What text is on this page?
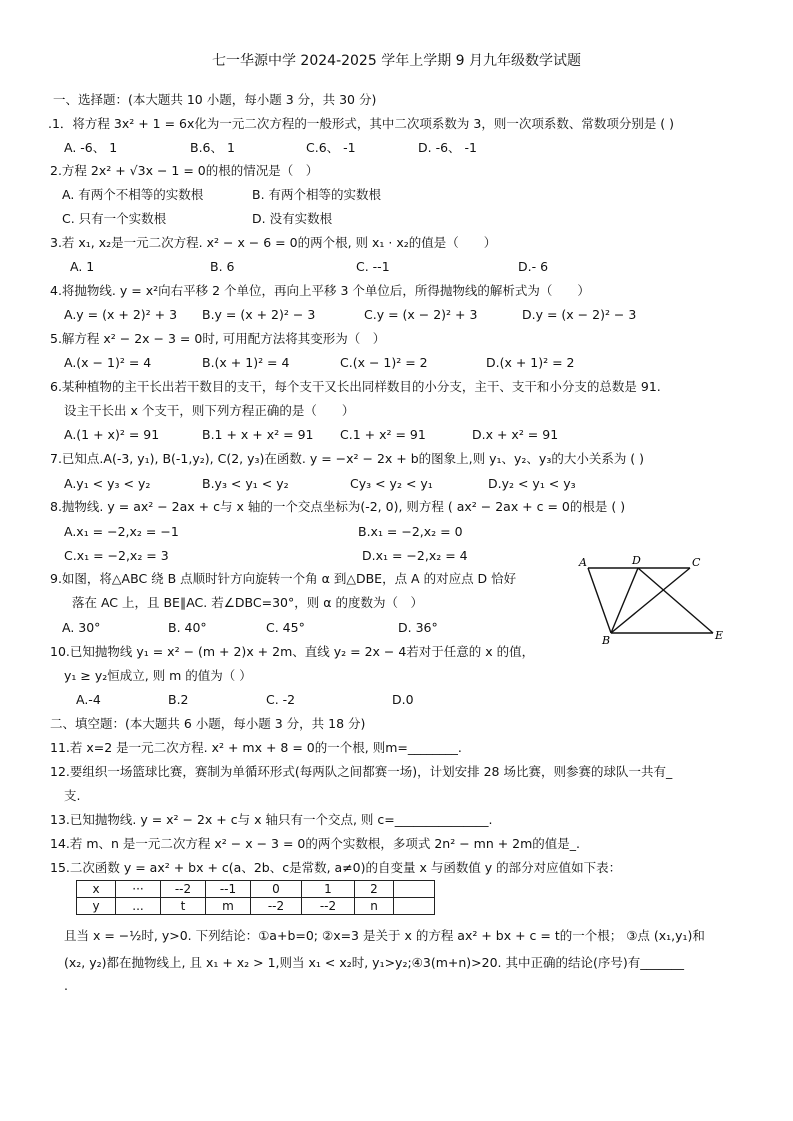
七一华源中学 2024-2025 学年上学期 9 月九年级数学试题
一、选择题：(本大题共 10 小题，每小题 3 分，共 30 分)
.1．将方程 3x² + 1 = 6x化为一元二次方程的一般形式，其中二次项系数为 3，则一次项系数、常数项分别是 ( )
A. -6、 1	B.6、 1	C.6、 -1	D. -6、 -1
2.方程 2x² + √3x − 1 = 0的根的情况是（　）
A. 有两个不相等的实数根	B. 有两个相等的实数根
C. 只有一个实数根	D. 没有实数根
3.若 x₁, x₂是一元二次方程. x² − x − 6 = 0的两个根, 则 x₁ · x₂的值是（　　）
A. 1	B. 6	C. --1	D.- 6
4.将抛物线. y = x²向右平移 2 个单位，再向上平移 3 个单位后，所得抛物线的解析式为（　　）
A.y = (x + 2)² + 3 B.y = (x + 2)² − 3	C.y = (x − 2)² + 3	D.y = (x − 2)² − 3
5.解方程 x² − 2x − 3 = 0时, 可用配方法将其变形为（　）
A.(x − 1)² = 4	B.(x + 1)² = 4	C.(x − 1)² = 2	D.(x + 1)² = 2
6.某种植物的主干长出若干数目的支干，每个支干又长出同样数目的小分支，主干、支干和小分支的总数是 91.
设主干长出 x 个支干，则下列方程正确的是（　　）
A.(1 + x)² = 91	B.1 + x + x² = 91 C.1 + x² = 91	D.x + x² = 91
7.已知点.A(-3, y₁), B(-1,y₂), C(2, y₃)在函数. y = −x² − 2x + b的图象上,则 y₁、y₂、y₃的大小关系为 ( )
A.y₁ < y₃ < y₂	B.y₃ < y₁ < y₂	Cy₃ < y₂ < y₁	D.y₂ < y₁ < y₃
8.抛物线. y = ax² − 2ax + c与 x 轴的一个交点坐标为(-2, 0), 则方程 ( ax² − 2ax + c = 0的根是 ( )
A.x₁ = −2,x₂ = −1	B.x₁ = −2,x₂ = 0
C.x₁ = −2,x₂ = 3	D.x₁ = −2,x₂ = 4
9.如图，将△ABC 绕 B 点顺时针方向旋转一个角 α 到△DBE，点 A 的对应点 D 恰好
落在 AC 上，且 BE∥AC. 若∠DBC=30°，则 α 的度数为（　）
A. 30°	B. 40°	C. 45°	D. 36°
A	D	C
B	E
10.已知抛物线 y₁ = x² − (m + 2)x + 2m、直线 y₂ = 2x − 4若对于任意的 x 的值，
y₁ ≥ y₂恒成立, 则 m 的值为（ ）
A.-4	B.2	C. -2	D.0
二、填空题：(本大题共 6 小题，每小题 3 分，共 18 分)
11.若 x=2 是一元二次方程. x² + mx + 8 = 0的一个根, 则m=________.
12.要组织一场篮球比赛，赛制为单循环形式(每两队之间都赛一场)，计划安排 28 场比赛，则参赛的球队一共有_
支.
13.已知抛物线. y = x² − 2x + c与 x 轴只有一个交点, 则 c=_______________.
14.若 m、n 是一元二次方程 x² − x − 3 = 0的两个实数根，多项式 2n² − mn + 2m的值是_.
15.二次函数 y = ax² + bx + c(a、2b、c是常数, a≠0)的自变量 x 与函数值 y 的部分对应值如下表：
x	···	--2	--1	0	1	2	
y	...	t	m	--2	--2	n	
且当 x = −½时, y>0. 下列结论：①a+b=0; ②x=3 是关于 x 的方程 ax² + bx + c = t的一个根； ③点 (x₁,y₁)和
(x₂, y₂)都在抛物线上, 且 x₁ + x₂ > 1,则当 x₁ < x₂时, y₁>y₂;④3(m+n)>20. 其中正确的结论(序号)有_______
.
